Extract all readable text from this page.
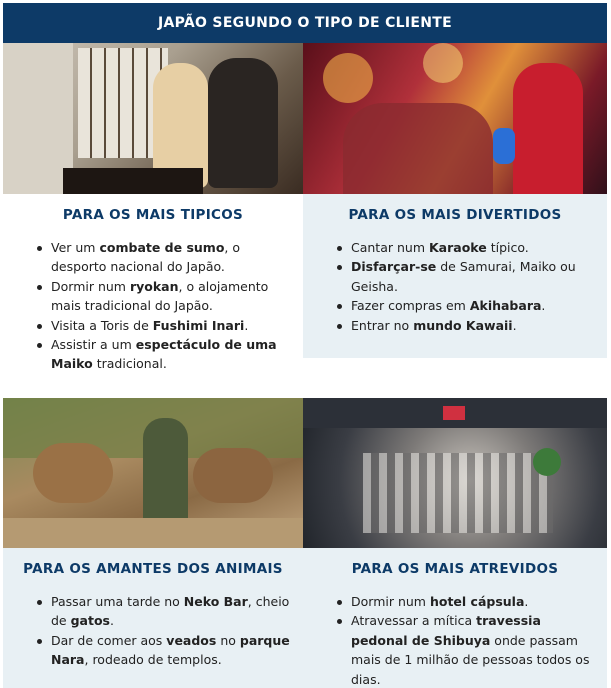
JAPÃO SEGUNDO O TIPO DE CLIENTE
PARA OS MAIS TIPICOS
Ver um combate de sumo, o desporto nacional do Japão.
Dormir num ryokan, o alojamento mais tradicional do Japão.
Visita a Toris de Fushimi Inari.
Assistir a um espectáculo de uma Maiko tradicional.
PARA OS MAIS DIVERTIDOS
Cantar num Karaoke típico.
Disfarçar-se de Samurai, Maiko ou Geisha.
Fazer compras em Akihabara.
Entrar no mundo Kawaii.
PARA OS AMANTES DOS ANIMAIS
Passar uma tarde no Neko Bar, cheio de gatos.
Dar de comer aos veados no parque Nara, rodeado de templos.
PARA OS MAIS ATREVIDOS
Dormir num hotel cápsula.
Atravessar a mítica travessia pedonal de Shibuya onde passam mais de 1 milhão de pessoas todos os dias.
